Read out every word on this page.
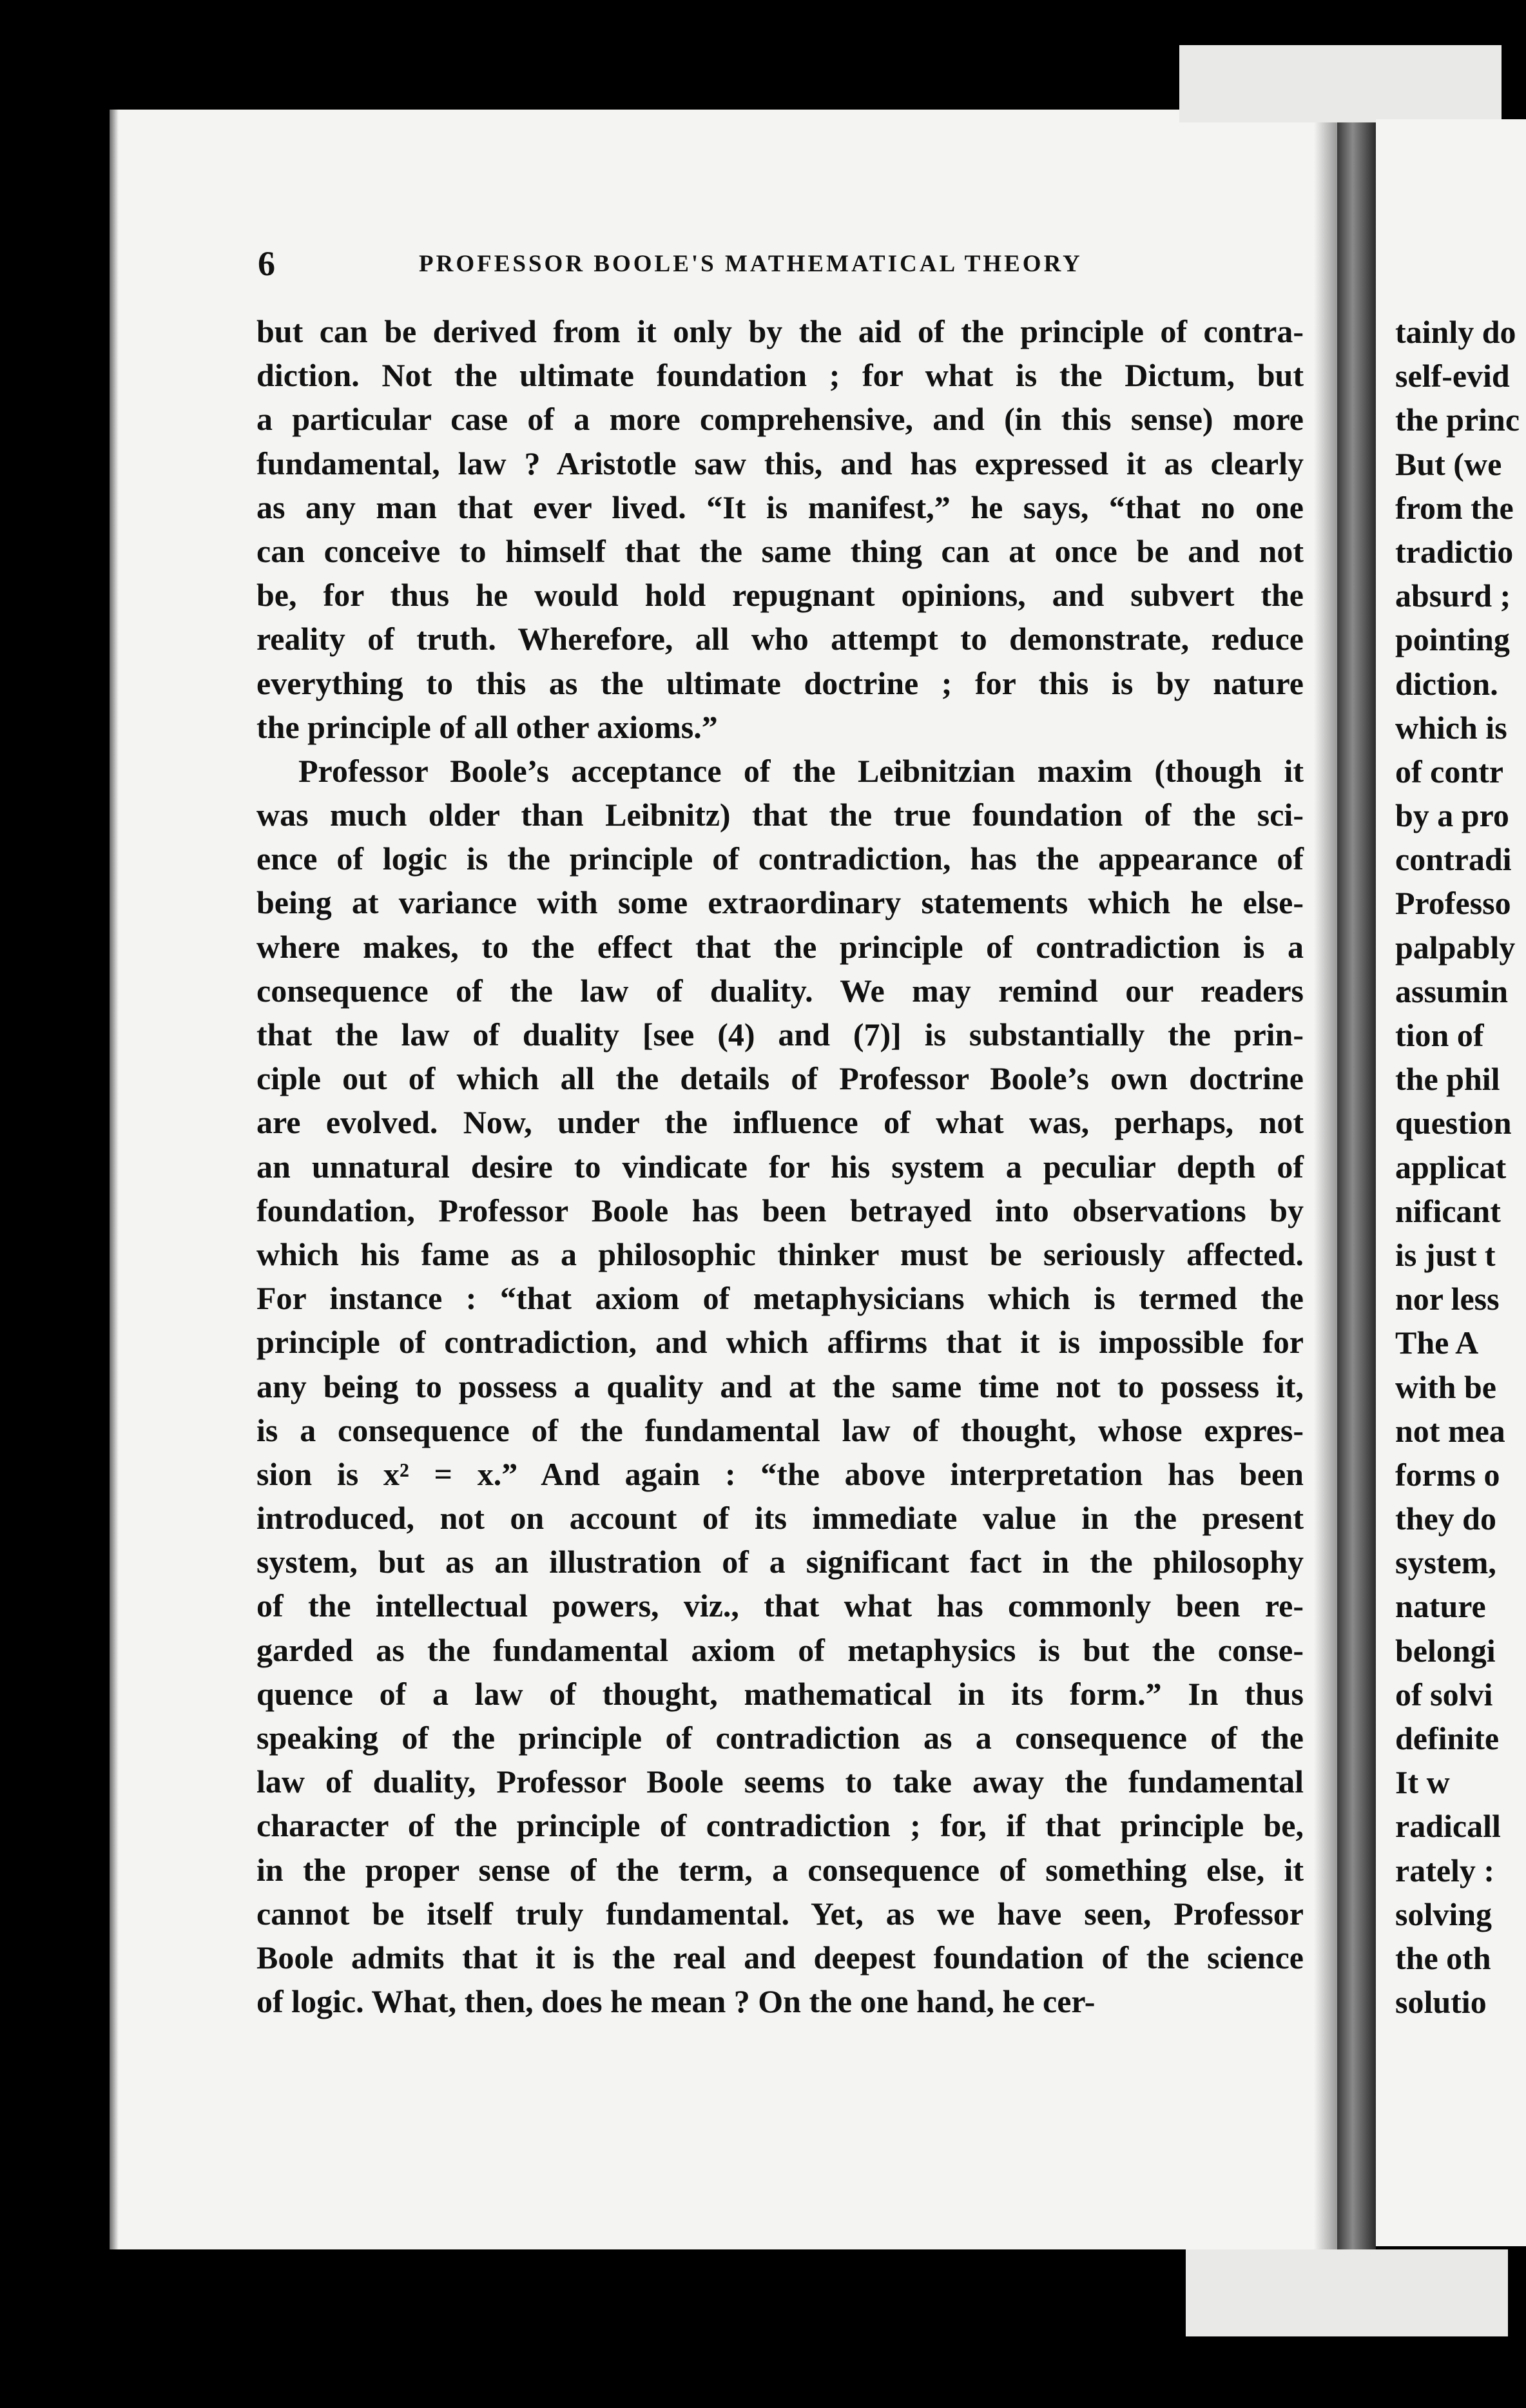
tainly do
self-evid
the princ
But (we
from the
tradictio
absurd ;
pointing
diction.
which is
of contr
by a pro
contradi
Professo
palpably
assumin
tion of
the phil
question
applicat
nificant
is just t
nor less
The A
with be
not mea
forms o
they do
system,
nature
belongi
of solvi
definite
It w
radicall
rately :
solving
the oth
solutio
6	PROFESSOR BOOLE'S MATHEMATICAL THEORY
but can be derived from it only by the aid of the principle of contra-
diction. Not the ultimate foundation ; for what is the Dictum, but
a particular case of a more comprehensive, and (in this sense) more
fundamental, law ? Aristotle saw this, and has expressed it as clearly
as any man that ever lived. “It is manifest,” he says, “that no one
can conceive to himself that the same thing can at once be and not
be, for thus he would hold repugnant opinions, and subvert the
reality of truth. Wherefore, all who attempt to demonstrate, reduce
everything to this as the ultimate doctrine ; for this is by nature
the principle of all other axioms.”
Professor Boole’s acceptance of the Leibnitzian maxim (though it
was much older than Leibnitz) that the true foundation of the sci-
ence of logic is the principle of contradiction, has the appearance of
being at variance with some extraordinary statements which he else-
where makes, to the effect that the principle of contradiction is a
consequence of the law of duality. We may remind our readers
that the law of duality [see (4) and (7)] is substantially the prin-
ciple out of which all the details of Professor Boole’s own doctrine
are evolved. Now, under the influence of what was, perhaps, not
an unnatural desire to vindicate for his system a peculiar depth of
foundation, Professor Boole has been betrayed into observations by
which his fame as a philosophic thinker must be seriously affected.
For instance : “that axiom of metaphysicians which is termed the
principle of contradiction, and which affirms that it is impossible for
any being to possess a quality and at the same time not to possess it,
is a consequence of the fundamental law of thought, whose expres-
sion is x² = x.” And again : “the above interpretation has been
introduced, not on account of its immediate value in the present
system, but as an illustration of a significant fact in the philosophy
of the intellectual powers, viz., that what has commonly been re-
garded as the fundamental axiom of metaphysics is but the conse-
quence of a law of thought, mathematical in its form.” In thus
speaking of the principle of contradiction as a consequence of the
law of duality, Professor Boole seems to take away the fundamental
character of the principle of contradiction ; for, if that principle be,
in the proper sense of the term, a consequence of something else, it
cannot be itself truly fundamental. Yet, as we have seen, Professor
Boole admits that it is the real and deepest foundation of the science
of logic. What, then, does he mean ? On the one hand, he cer-
